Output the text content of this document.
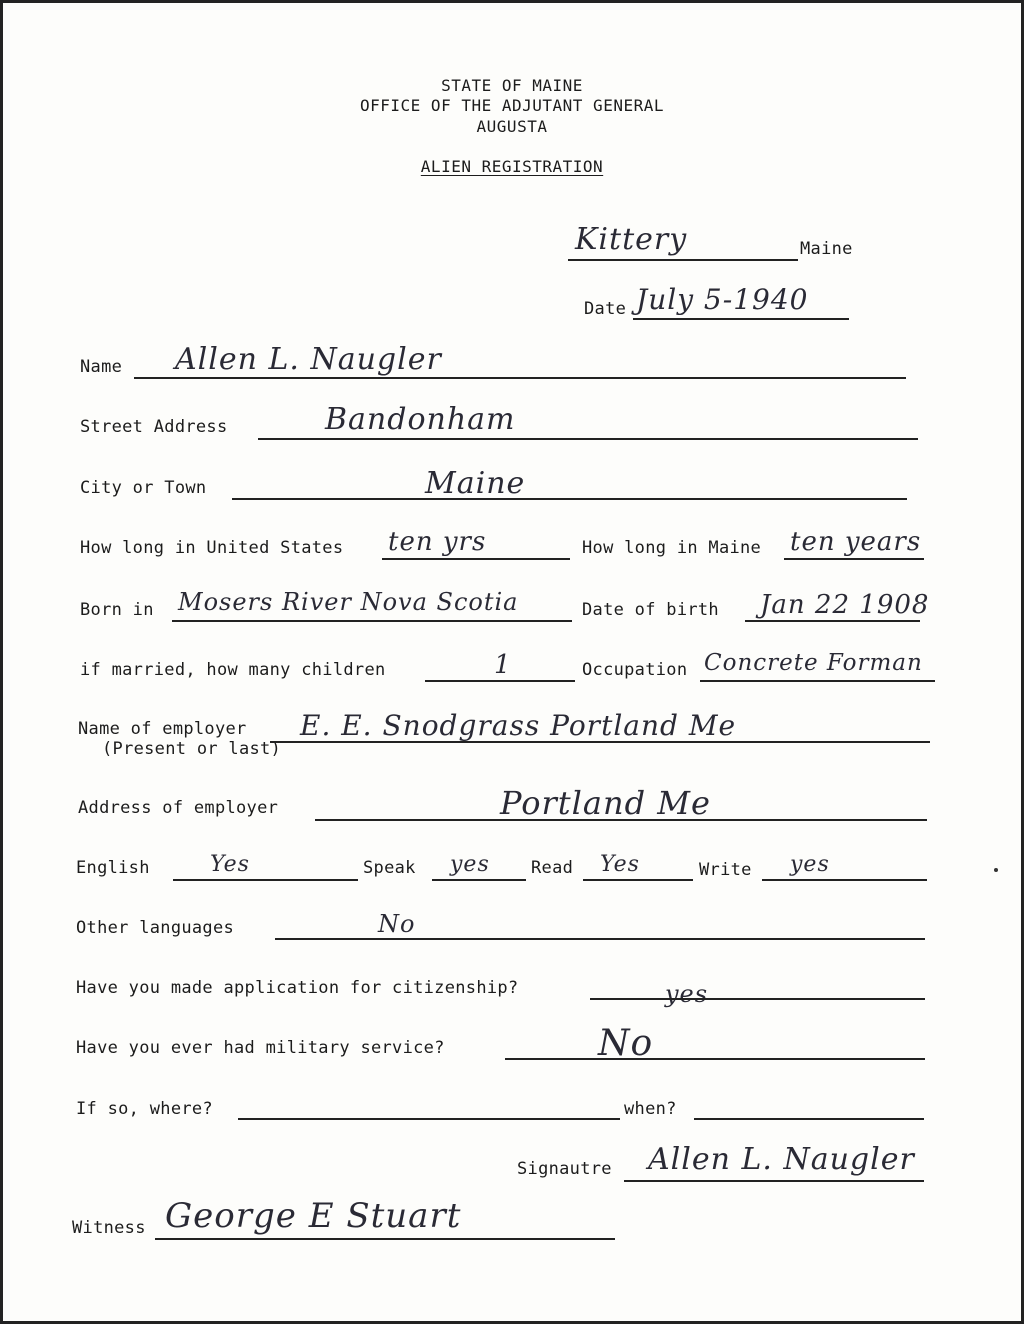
STATE OF MAINE
OFFICE OF THE ADJUTANT GENERAL
AUGUSTA
ALIEN REGISTRATION
Kittery	Maine
Date July 5-1940
Name Allen L. Naugler
Street Address	Bandonham
City or Town	Maine
How long in United States ten yrs	How long in Maine ten years
Born in Mosers River Nova Scotia	Date of birth Jan 22 1908
if married, how many children	1	Occupation Concrete Forman
Name of employer
(Present or last)
E. E. Snodgrass Portland Me
Address of employer	Portland Me
English	Yes	Speak yes Read Yes	Write yes
Other languages	No
Have you made application for citizenship?	yes
Have you ever had military service?	No
If so, where?	when?
Signautre Allen L. Naugler
Witness George E Stuart
